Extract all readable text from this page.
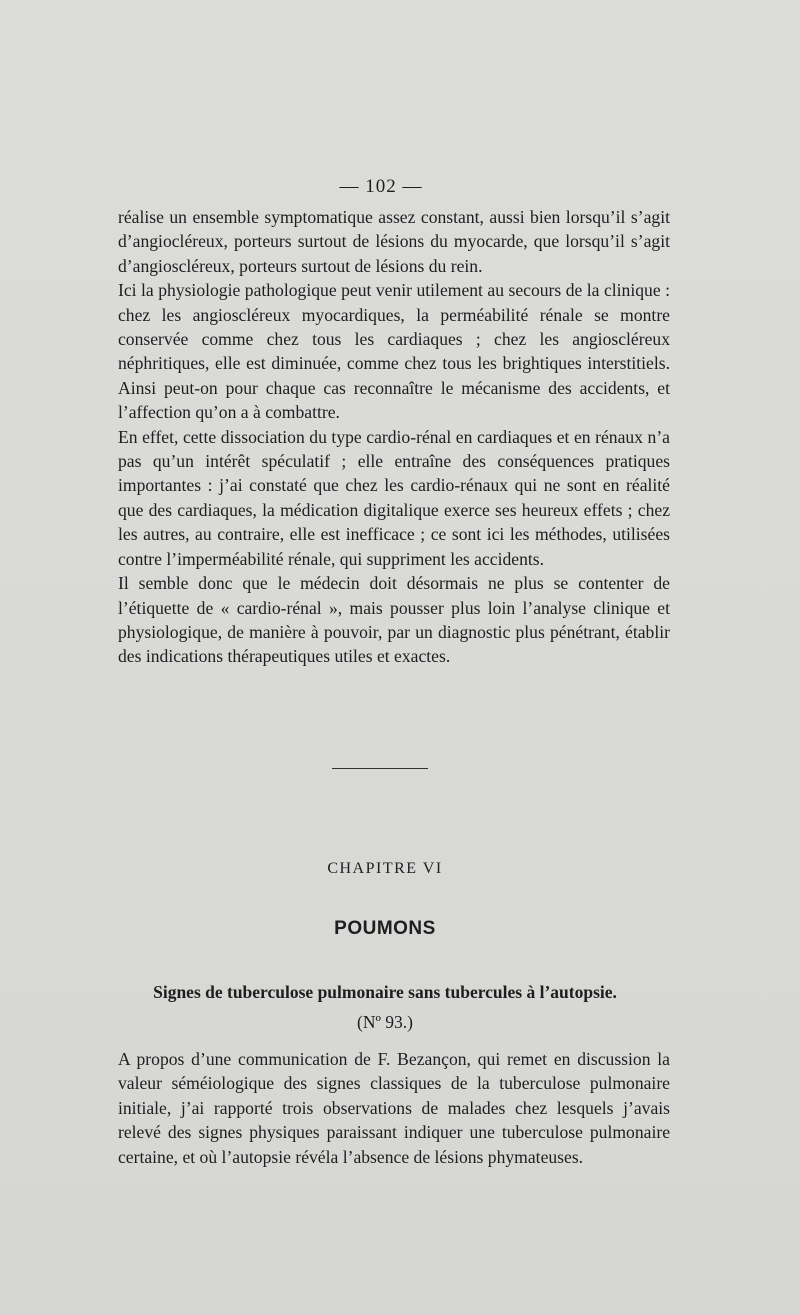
— 102 —

réalise un ensemble symptomatique assez constant, aussi bien lorsqu’il s’agit d’angiocléreux, porteurs surtout de lésions du myocarde, que lorsqu’il s’agit d’angioscléreux, porteurs surtout de lésions du rein.

Ici la physiologie pathologique peut venir utilement au secours de la clinique : chez les angioscléreux myocardiques, la perméabilité rénale se montre conservée comme chez tous les cardiaques ; chez les angioscléreux néphritiques, elle est diminuée, comme chez tous les brightiques interstitiels. Ainsi peut-on pour chaque cas reconnaître le mécanisme des accidents, et l’affection qu’on a à combattre.

En effet, cette dissociation du type cardio-rénal en cardiaques et en rénaux n’a pas qu’un intérêt spéculatif ; elle entraîne des conséquences pratiques importantes : j’ai constaté que chez les cardio-rénaux qui ne sont en réalité que des cardiaques, la médication digitalique exerce ses heureux effets ; chez les autres, au contraire, elle est inefficace ; ce sont ici les méthodes, utilisées contre l’imperméabilité rénale, qui suppriment les accidents.

Il semble donc que le médecin doit désormais ne plus se contenter de l’étiquette de « cardio-rénal », mais pousser plus loin l’analyse clinique et physiologique, de manière à pouvoir, par un diagnostic plus pénétrant, établir des indications thérapeutiques utiles et exactes.

CHAPITRE VI
POUMONS
Signes de tuberculose pulmonaire sans tubercules à l’autopsie.
(Nº 93.)

A propos d’une communication de F. Bezançon, qui remet en discussion la valeur séméiologique des signes classiques de la tuberculose pulmonaire initiale, j’ai rapporté trois observations de malades chez lesquels j’avais relevé des signes physiques paraissant indiquer une tuberculose pulmonaire certaine, et où l’autopsie révéla l’absence de lésions phymateuses.
